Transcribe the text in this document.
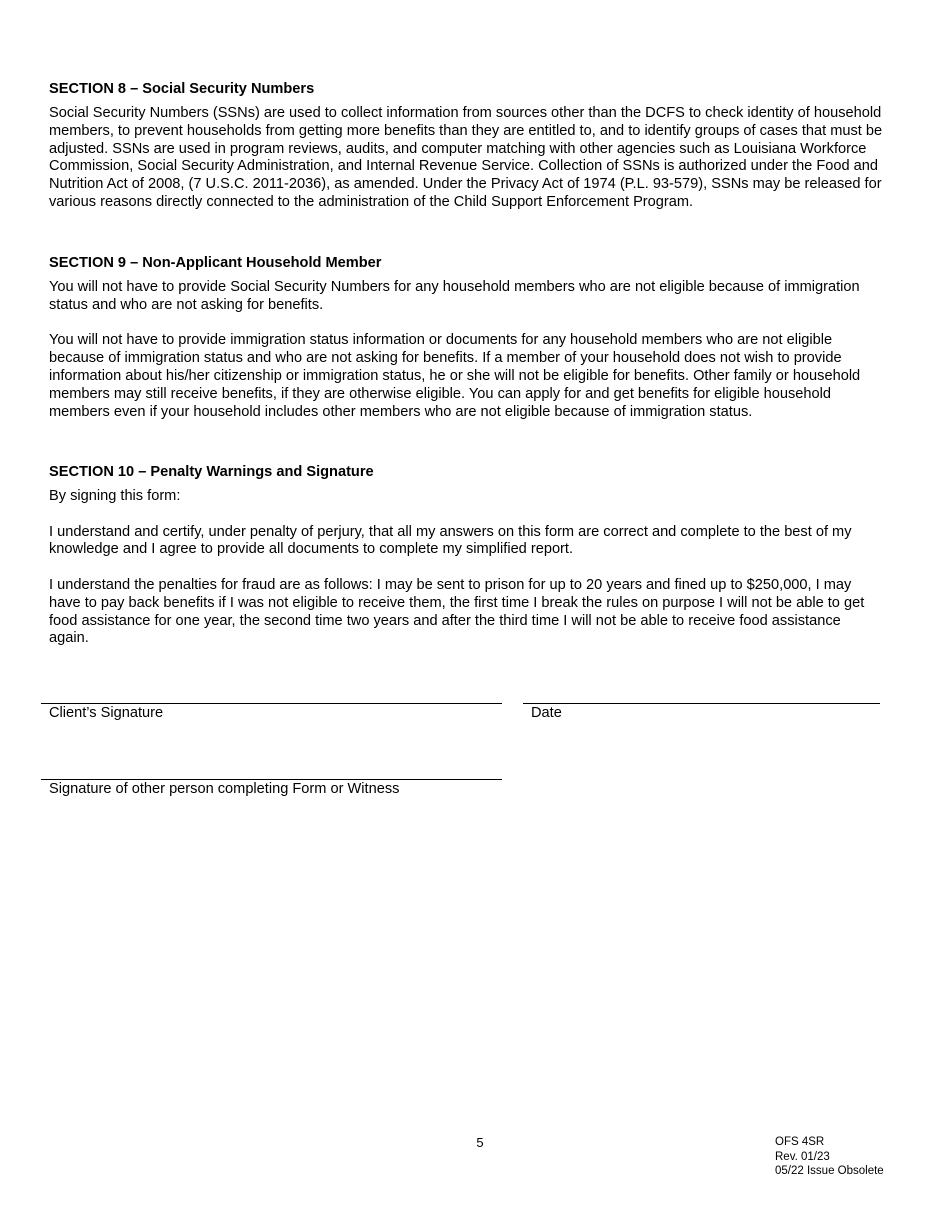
SECTION 8 – Social Security Numbers

Social Security Numbers (SSNs) are used to collect information from sources other than the DCFS to check identity of household members, to prevent households from getting more benefits than they are entitled to, and to identify groups of cases that must be adjusted. SSNs are used in program reviews, audits, and computer matching with other agencies such as Louisiana Workforce Commission, Social Security Administration, and Internal Revenue Service. Collection of SSNs is authorized under the Food and Nutrition Act of 2008, (7 U.S.C. 2011-2036), as amended. Under the Privacy Act of 1974 (P.L. 93-579), SSNs may be released for various reasons directly connected to the administration of the Child Support Enforcement Program.

SECTION 9 – Non-Applicant Household Member

You will not have to provide Social Security Numbers for any household members who are not eligible because of immigration status and who are not asking for benefits.

You will not have to provide immigration status information or documents for any household members who are not eligible because of immigration status and who are not asking for benefits. If a member of your household does not wish to provide information about his/her citizenship or immigration status, he or she will not be eligible for benefits. Other family or household members may still receive benefits, if they are otherwise eligible. You can apply for and get benefits for eligible household members even if your household includes other members who are not eligible because of immigration status.

SECTION 10 – Penalty Warnings and Signature

By signing this form:

I understand and certify, under penalty of perjury, that all my answers on this form are correct and complete to the best of my knowledge and I agree to provide all documents to complete my simplified report.

I understand the penalties for fraud are as follows: I may be sent to prison for up to 20 years and fined up to $250,000, I may have to pay back benefits if I was not eligible to receive them, the first time I break the rules on purpose I will not be able to get food assistance for one year, the second time two years and after the third time I will not be able to receive food assistance again.

Client’s Signature	Date
Signature of other person completing Form or Witness
5	OFS 4SR
Rev. 01/23
05/22 Issue Obsolete
